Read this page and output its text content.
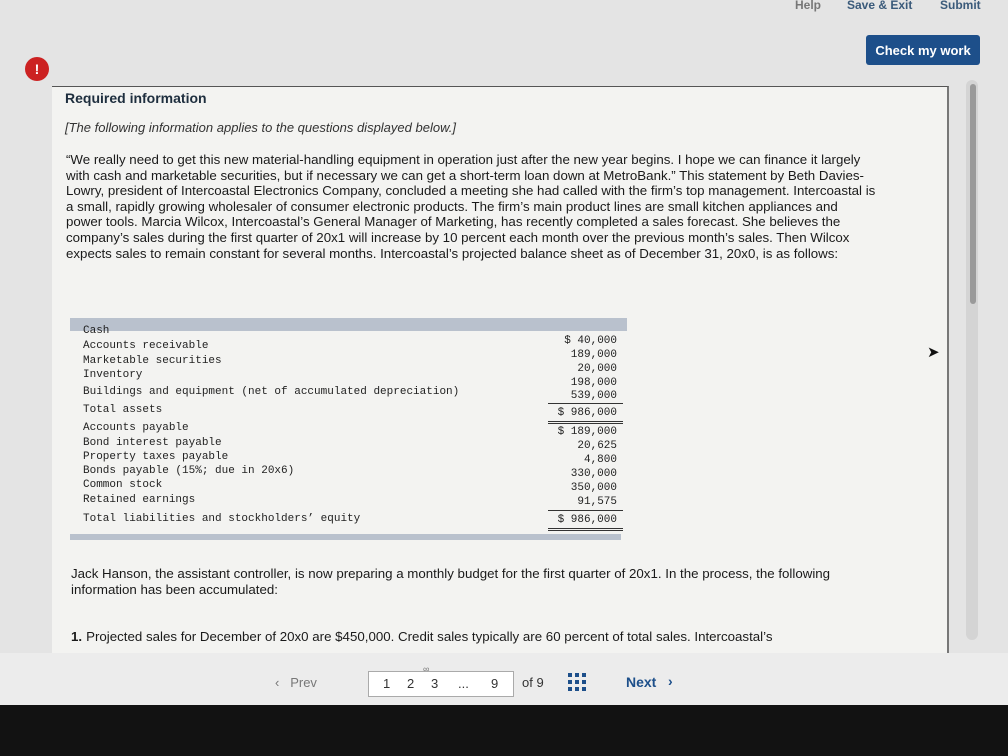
Help Save & Exit Submit
Check my work
!
➤
Required information
[The following information applies to the questions displayed below.]
“We really need to get this new material-handling equipment in operation just after the new year begins. I hope we can finance it largely with cash and marketable securities, but if necessary we can get a short-term loan down at MetroBank.” This statement by Beth Davies-Lowry, president of Intercoastal Electronics Company, concluded a meeting she had called with the firm’s top management. Intercoastal is a small, rapidly growing wholesaler of consumer electronic products. The firm’s main product lines are small kitchen appliances and power tools. Marcia Wilcox, Intercoastal’s General Manager of Marketing, has recently completed a sales forecast. She believes the company’s sales during the first quarter of 20x1 will increase by 10 percent each month over the previous month’s sales. Then Wilcox expects sales to remain constant for several months. Intercoastal’s projected balance sheet as of December 31, 20x0, is as follows:
Cash
Accounts receivable
Marketable securities
Inventory
Buildings and equipment (net of accumulated depreciation)
Total assets
Accounts payable
Bond interest payable
Property taxes payable
Bonds payable (15%; due in 20x6)
Common stock
Retained earnings
Total liabilities and stockholders’ equity
$ 40,000
189,000
20,000
198,000
539,000
$ 986,000
$ 189,000
20,625
4,800
330,000
350,000
91,575
$ 986,000
Jack Hanson, the assistant controller, is now preparing a monthly budget for the first quarter of 20x1. In the process, the following information has been accumulated:
1. Projected sales for December of 20x0 are $450,000. Credit sales typically are 60 percent of total sales. Intercoastal’s
‹ Prev	1 2 3 ... 9
∞
of 9	Next ›
